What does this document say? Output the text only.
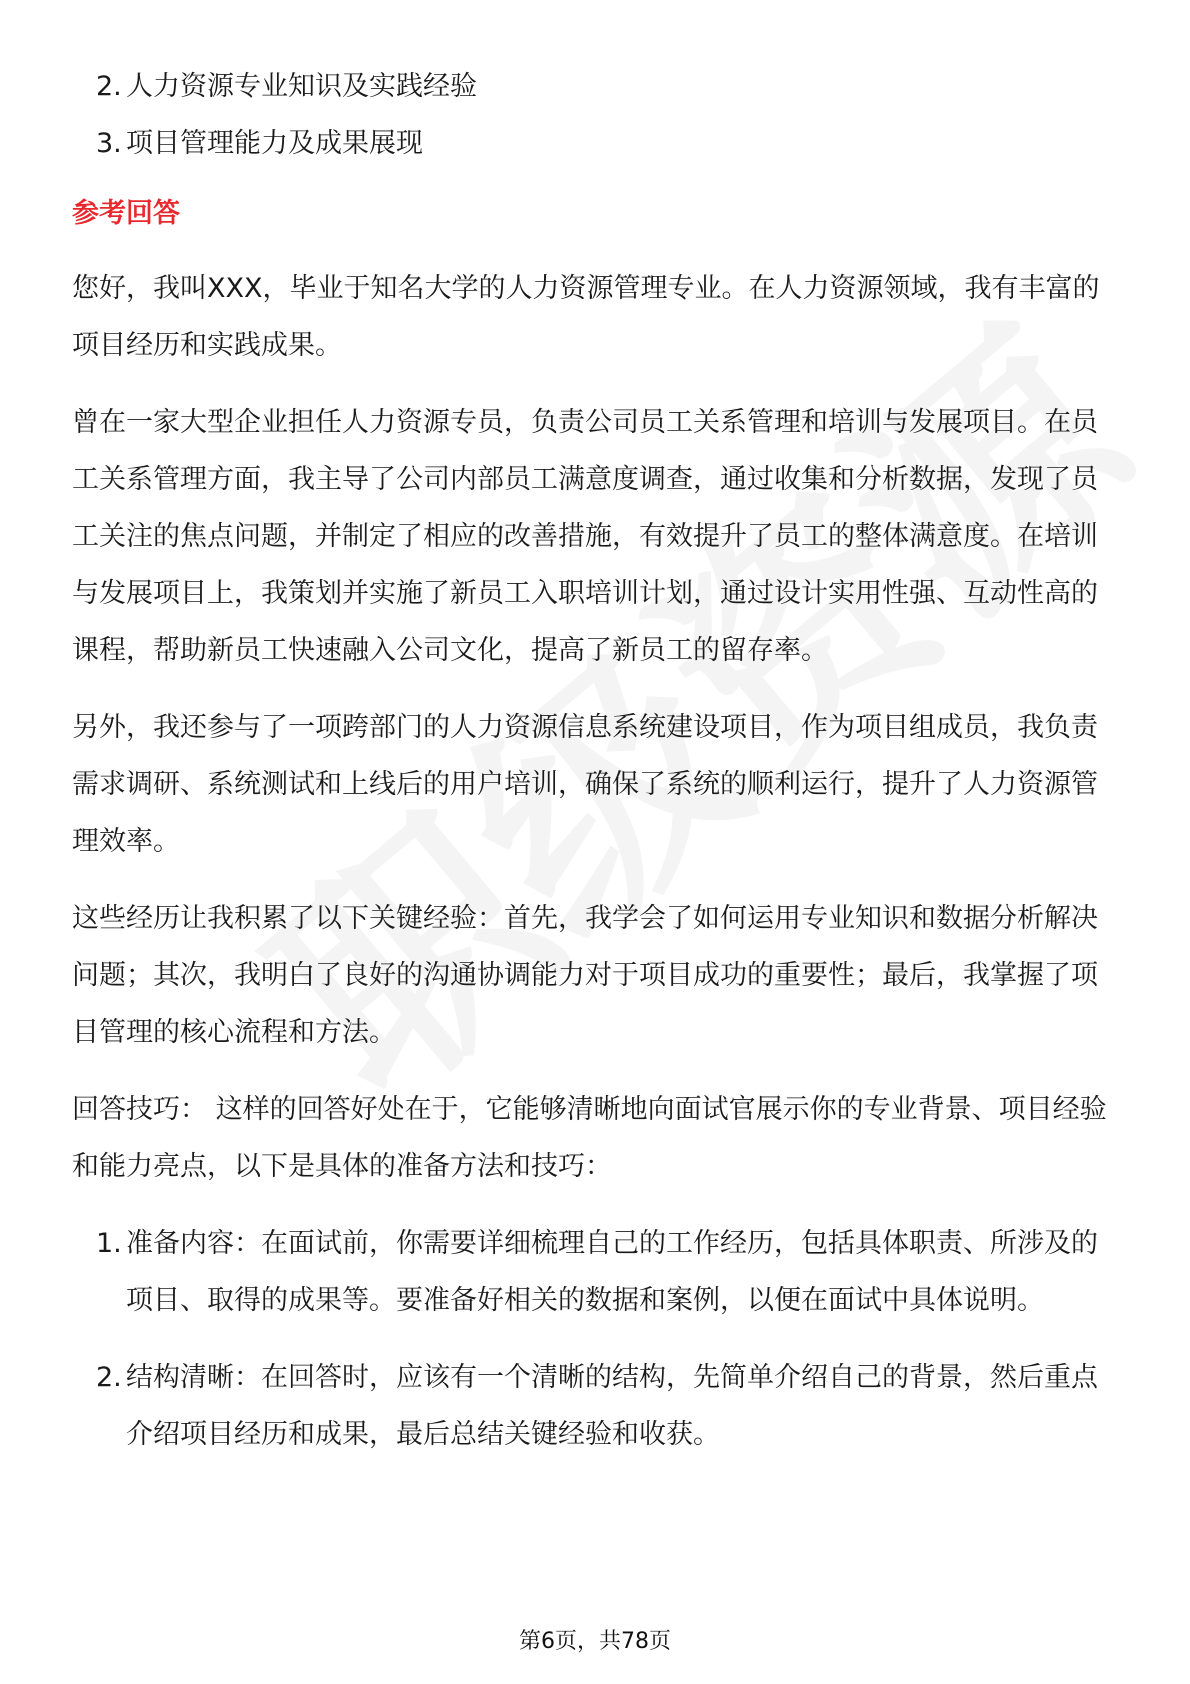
2. 人力资源专业知识及实践经验
3. 项目管理能力及成果展现
参考回答

您好，我叫XXX，毕业于知名大学的人力资源管理专业。在人力资源领域，我有丰富的项目经历和实践成果。

曾在一家大型企业担任人力资源专员，负责公司员工关系管理和培训与发展项目。在员工关系管理方面，我主导了公司内部员工满意度调查，通过收集和分析数据，发现了员工关注的焦点问题，并制定了相应的改善措施，有效提升了员工的整体满意度。在培训与发展项目上，我策划并实施了新员工入职培训计划，通过设计实用性强、互动性高的课程，帮助新员工快速融入公司文化，提高了新员工的留存率。

另外，我还参与了一项跨部门的人力资源信息系统建设项目，作为项目组成员，我负责需求调研、系统测试和上线后的用户培训，确保了系统的顺利运行，提升了人力资源管理效率。

这些经历让我积累了以下关键经验：首先，我学会了如何运用专业知识和数据分析解决问题；其次，我明白了良好的沟通协调能力对于项目成功的重要性；最后，我掌握了项目管理的核心流程和方法。

回答技巧： 这样的回答好处在于，它能够清晰地向面试官展示你的专业背景、项目经验和能力亮点，以下是具体的准备方法和技巧：

1. 准备内容：在面试前，你需要详细梳理自己的工作经历，包括具体职责、所涉及的项目、取得的成果等。要准备好相关的数据和案例，以便在面试中具体说明。
2. 结构清晰：在回答时，应该有一个清晰的结构，先简单介绍自己的背景，然后重点介绍项目经历和成果，最后总结关键经验和收获。
第6页，共78页
